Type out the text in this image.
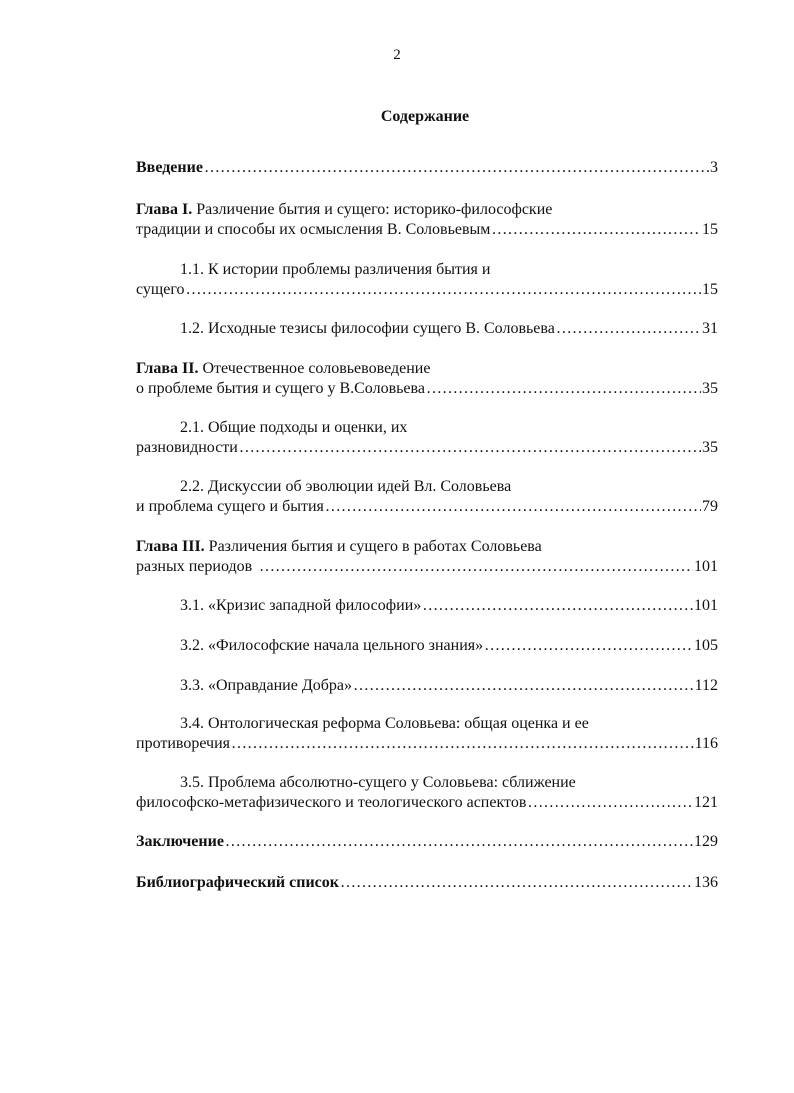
2
Содержание
Введение ……………………………………………………………………………………………………………………………………………………	3
Глава I. Различение бытия и сущего: историко-философские
традиции и способы их осмысления В. Соловьевым ……………………………………………………………………………………………………………………………………………………	15
1.1. К истории проблемы различения бытия и
сущего ……………………………………………………………………………………………………………………………………………………	15
1.2. Исходные тезисы философии сущего В. Соловьева ……………………………………………………………………………………………………………………………………………………	31
Глава II. Отечественное соловьевоведение
о проблеме бытия и сущего у В.Соловьева ……………………………………………………………………………………………………………………………………………………	35
2.1. Общие подходы и оценки, их
разновидности ……………………………………………………………………………………………………………………………………………………	35
2.2. Дискуссии об эволюции идей Вл. Соловьева
и проблема сущего и бытия ……………………………………………………………………………………………………………………………………………………	79
Глава III. Различения бытия и сущего в работах Соловьева
разных периодов ……………………………………………………………………………………………………………………………………………………	101
3.1. «Кризис западной философии» ……………………………………………………………………………………………………………………………………………………	101
3.2. «Философские начала цельного знания» ……………………………………………………………………………………………………………………………………………………	105
3.3. «Оправдание Добра» ……………………………………………………………………………………………………………………………………………………	112
3.4. Онтологическая реформа Соловьева: общая оценка и ее
противоречия ……………………………………………………………………………………………………………………………………………………	116
3.5. Проблема абсолютно-сущего у Соловьева: сближение
философско-метафизического и теологического аспектов ……………………………………………………………………………………………………………………………………………………	121
Заключение ……………………………………………………………………………………………………………………………………………………	129
Библиографический список ……………………………………………………………………………………………………………………………………………………	136
